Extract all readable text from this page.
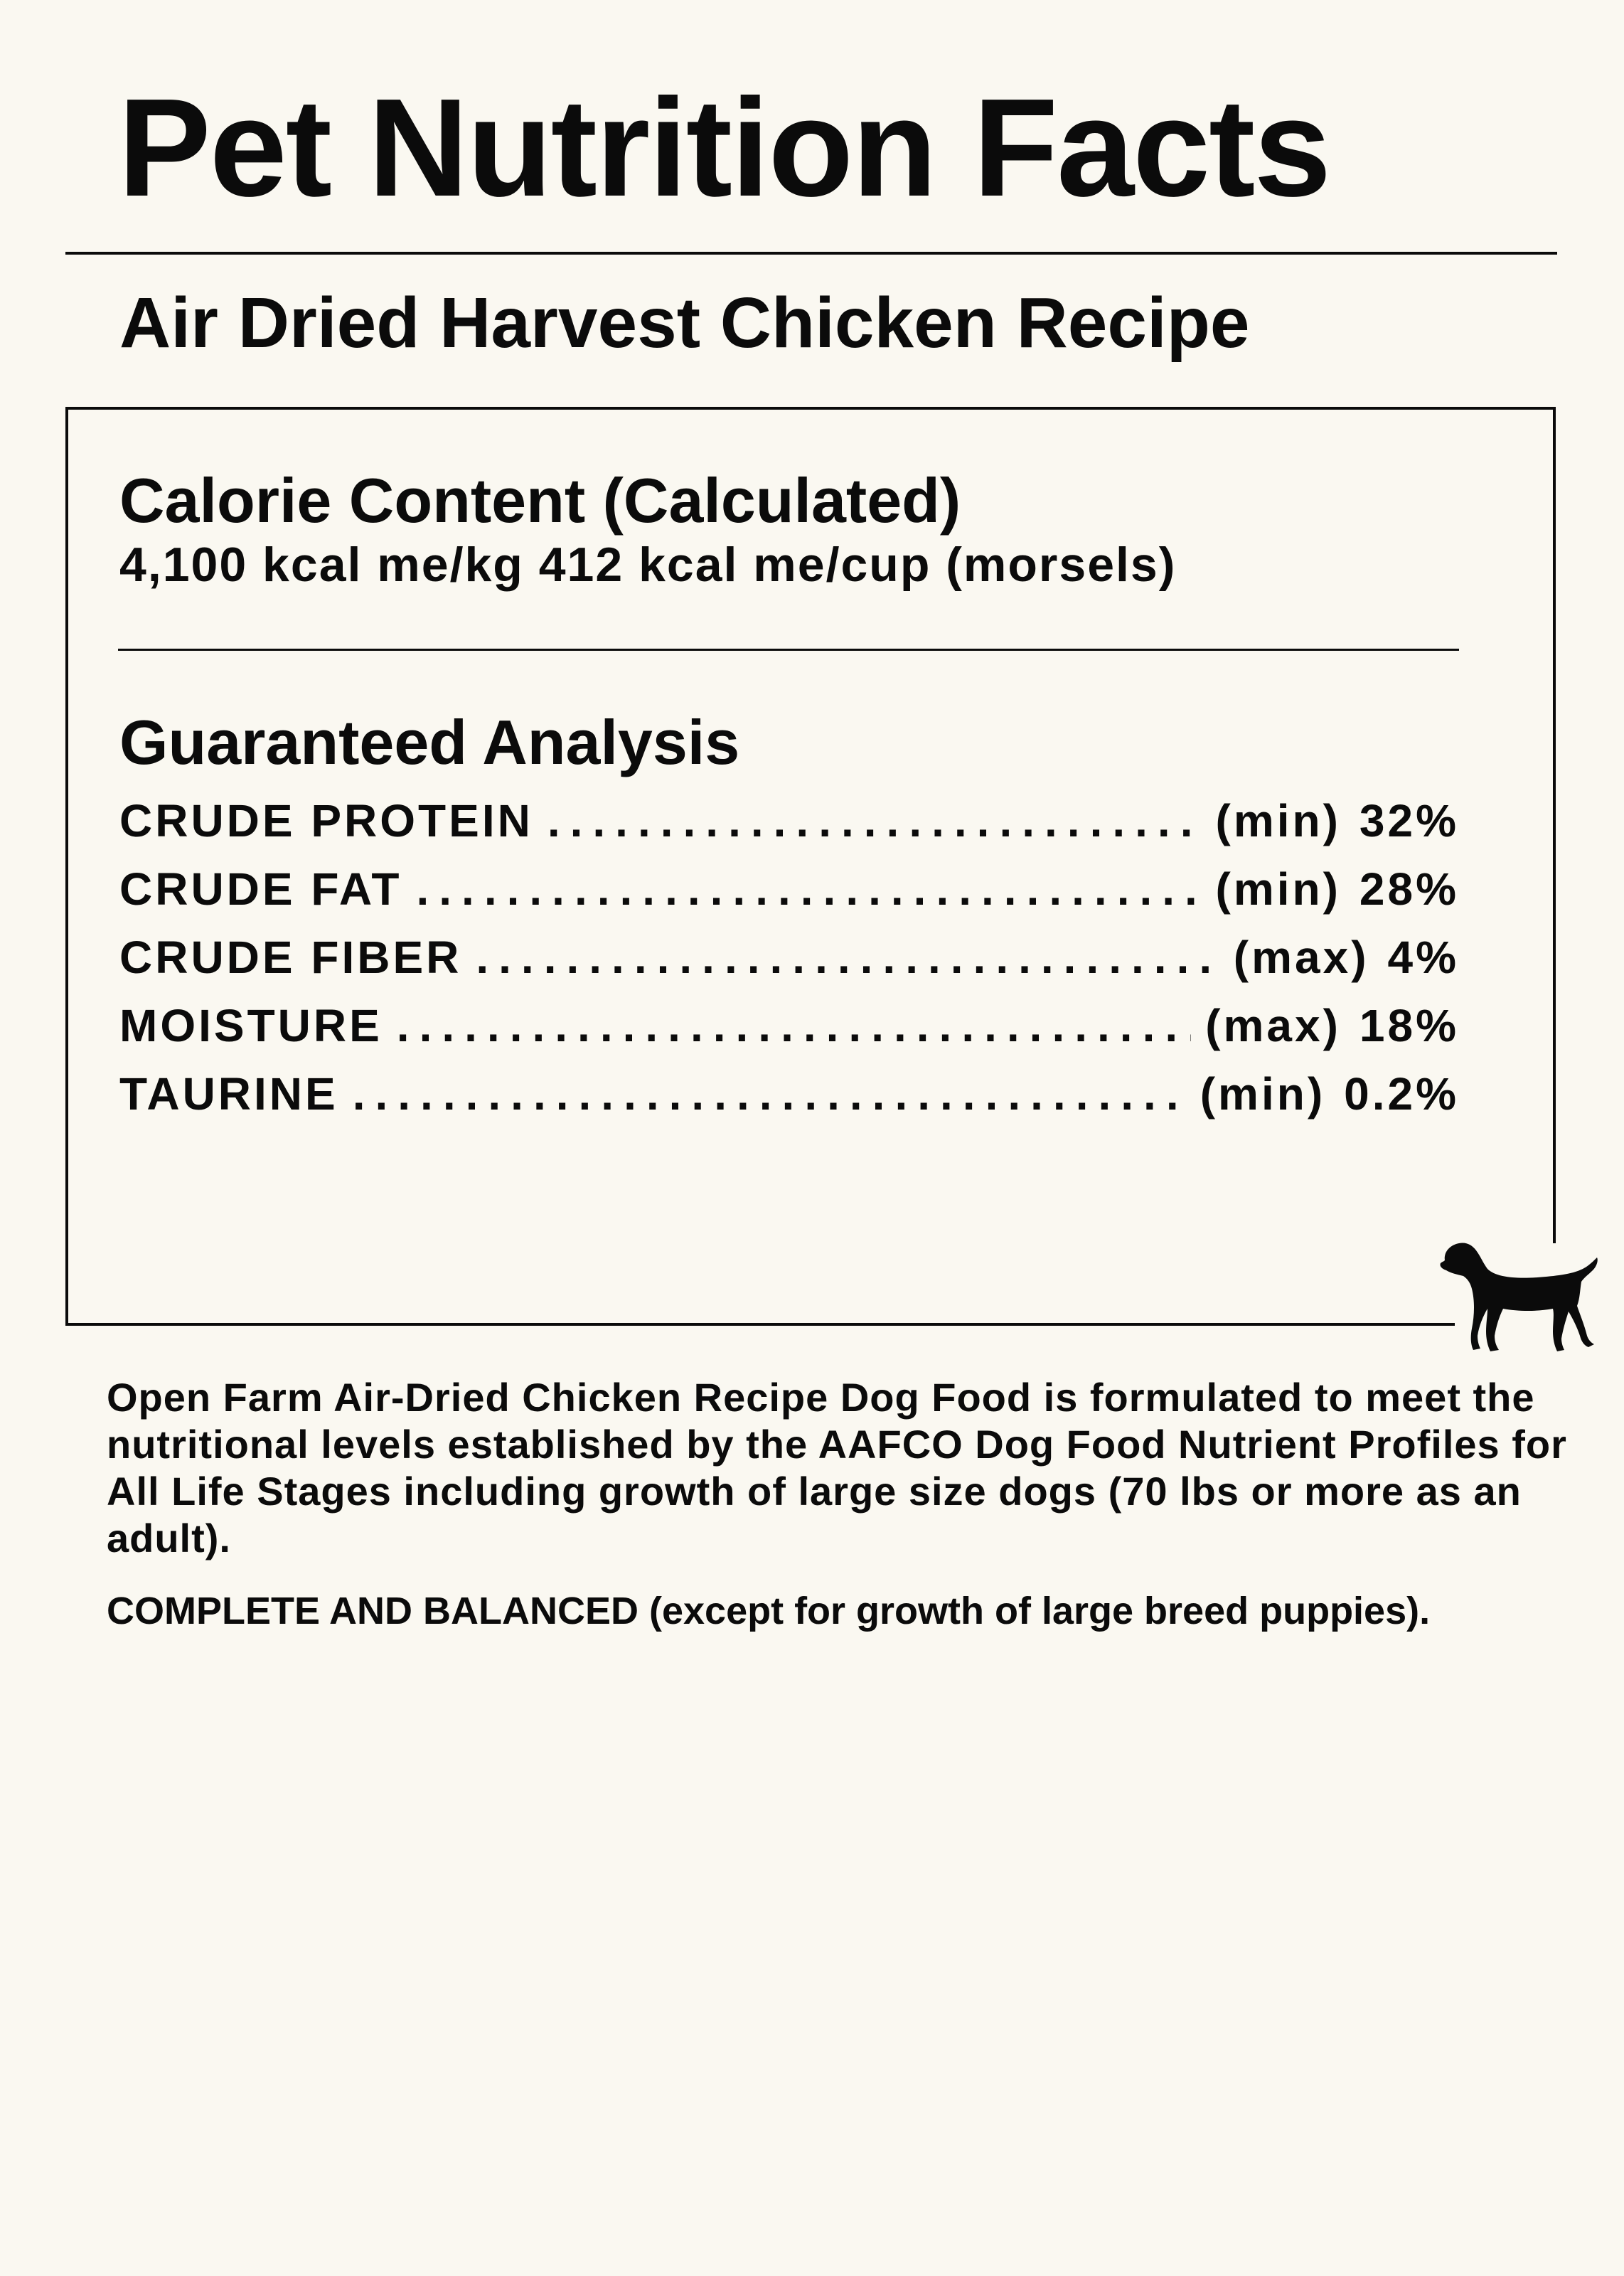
Pet Nutrition Facts
Air Dried Harvest Chicken Recipe
Calorie Content (Calculated)
4,100 kcal me/kg 412 kcal me/cup (morsels)
Guaranteed Analysis
CRUDE PROTEIN .....	(min) 32%
CRUDE FAT .....	(min) 28%
CRUDE FIBER .....	(max) 4%
MOISTURE .....	(max) 18%
TAURINE .....	(min) 0.2%

Open Farm Air-Dried Chicken Recipe Dog Food is formulated to meet the nutritional levels established by the AAFCO Dog Food Nutrient Profiles for All Life Stages including growth of large size dogs (70 lbs or more as an adult).

COMPLETE AND BALANCED (except for growth of large breed puppies).
